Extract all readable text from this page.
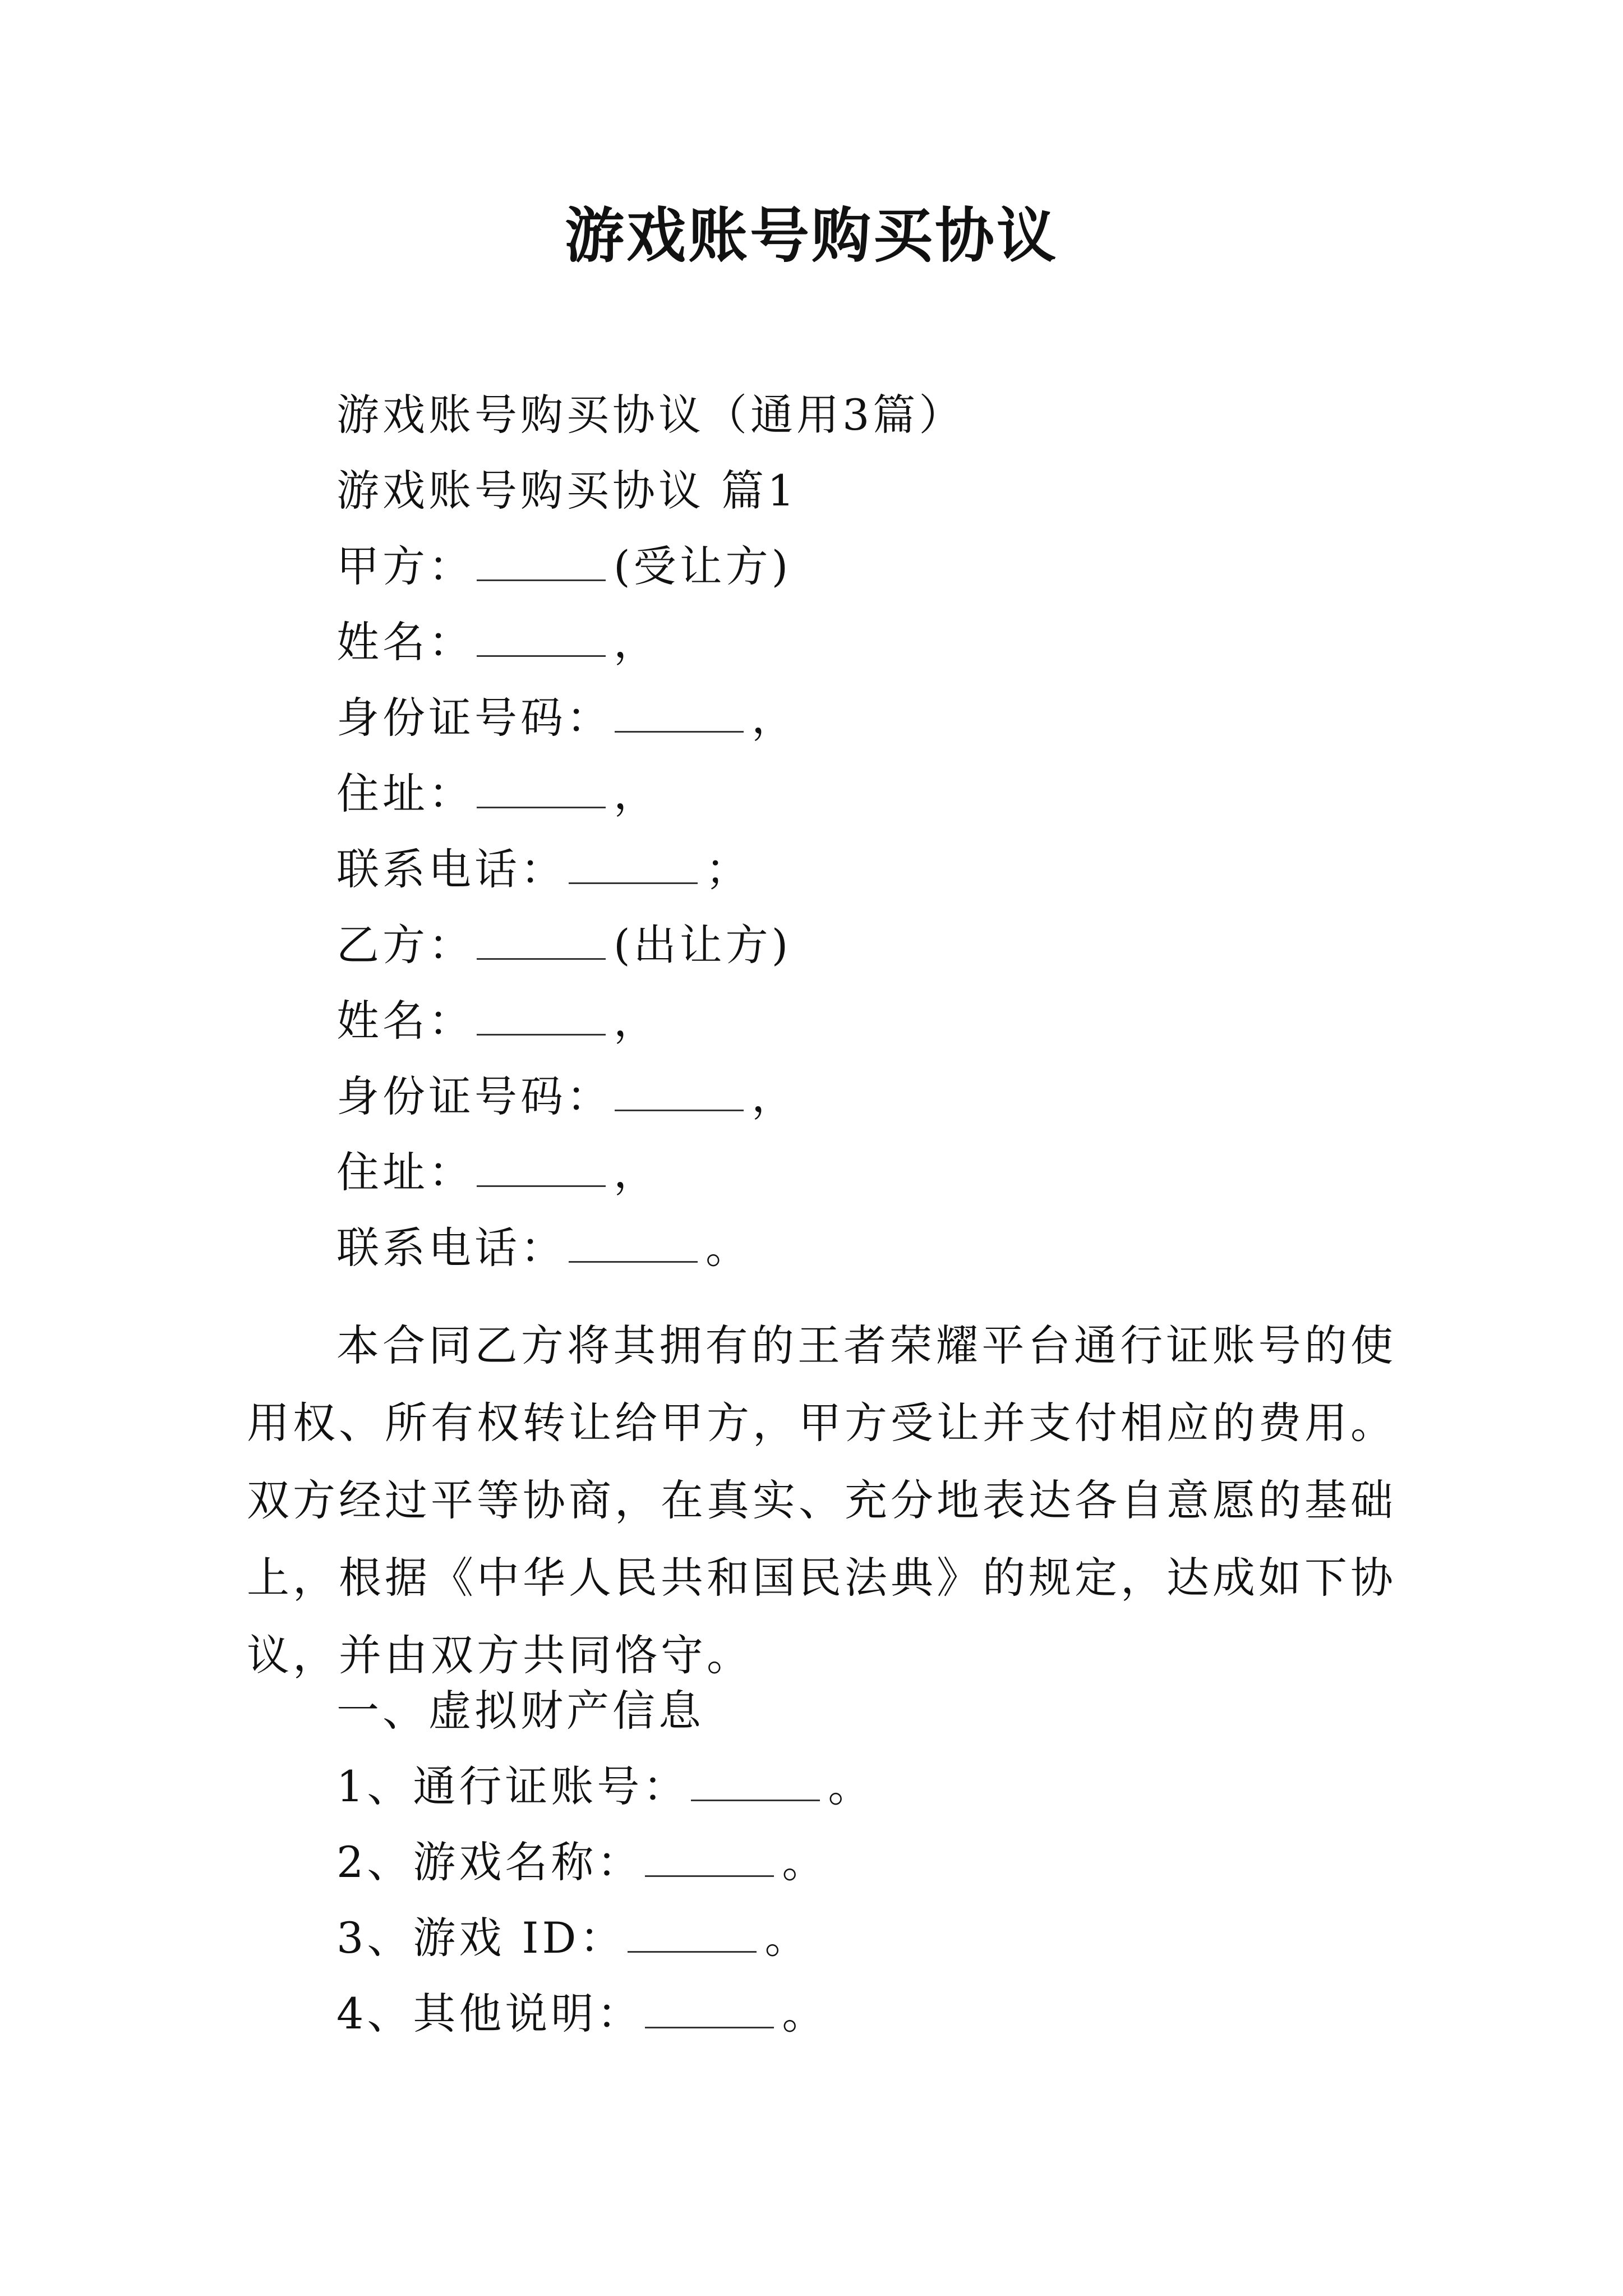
游戏账号购买协议
游戏账号购买协议（通用3篇）
游戏账号购买协议 篇1
甲方：	(受让方)
姓名：	，
身份证号码：	，
住址：	，
联系电话：	；
乙方：	(出让方)
姓名：	，
身份证号码：	，
住址：	，
联系电话：	。

本合同乙方将其拥有的王者荣耀平台通行证账号的使用权、所有权转让给甲方，甲方受让并支付相应的费用。双方经过平等协商，在真实、充分地表达各自意愿的基础上，根据《中华人民共和国民法典》的规定，达成如下协议，并由双方共同恪守。

一、虚拟财产信息
1、通行证账号：	。
2、游戏名称：	。
3、游戏 ID：	。
4、其他说明：	。
